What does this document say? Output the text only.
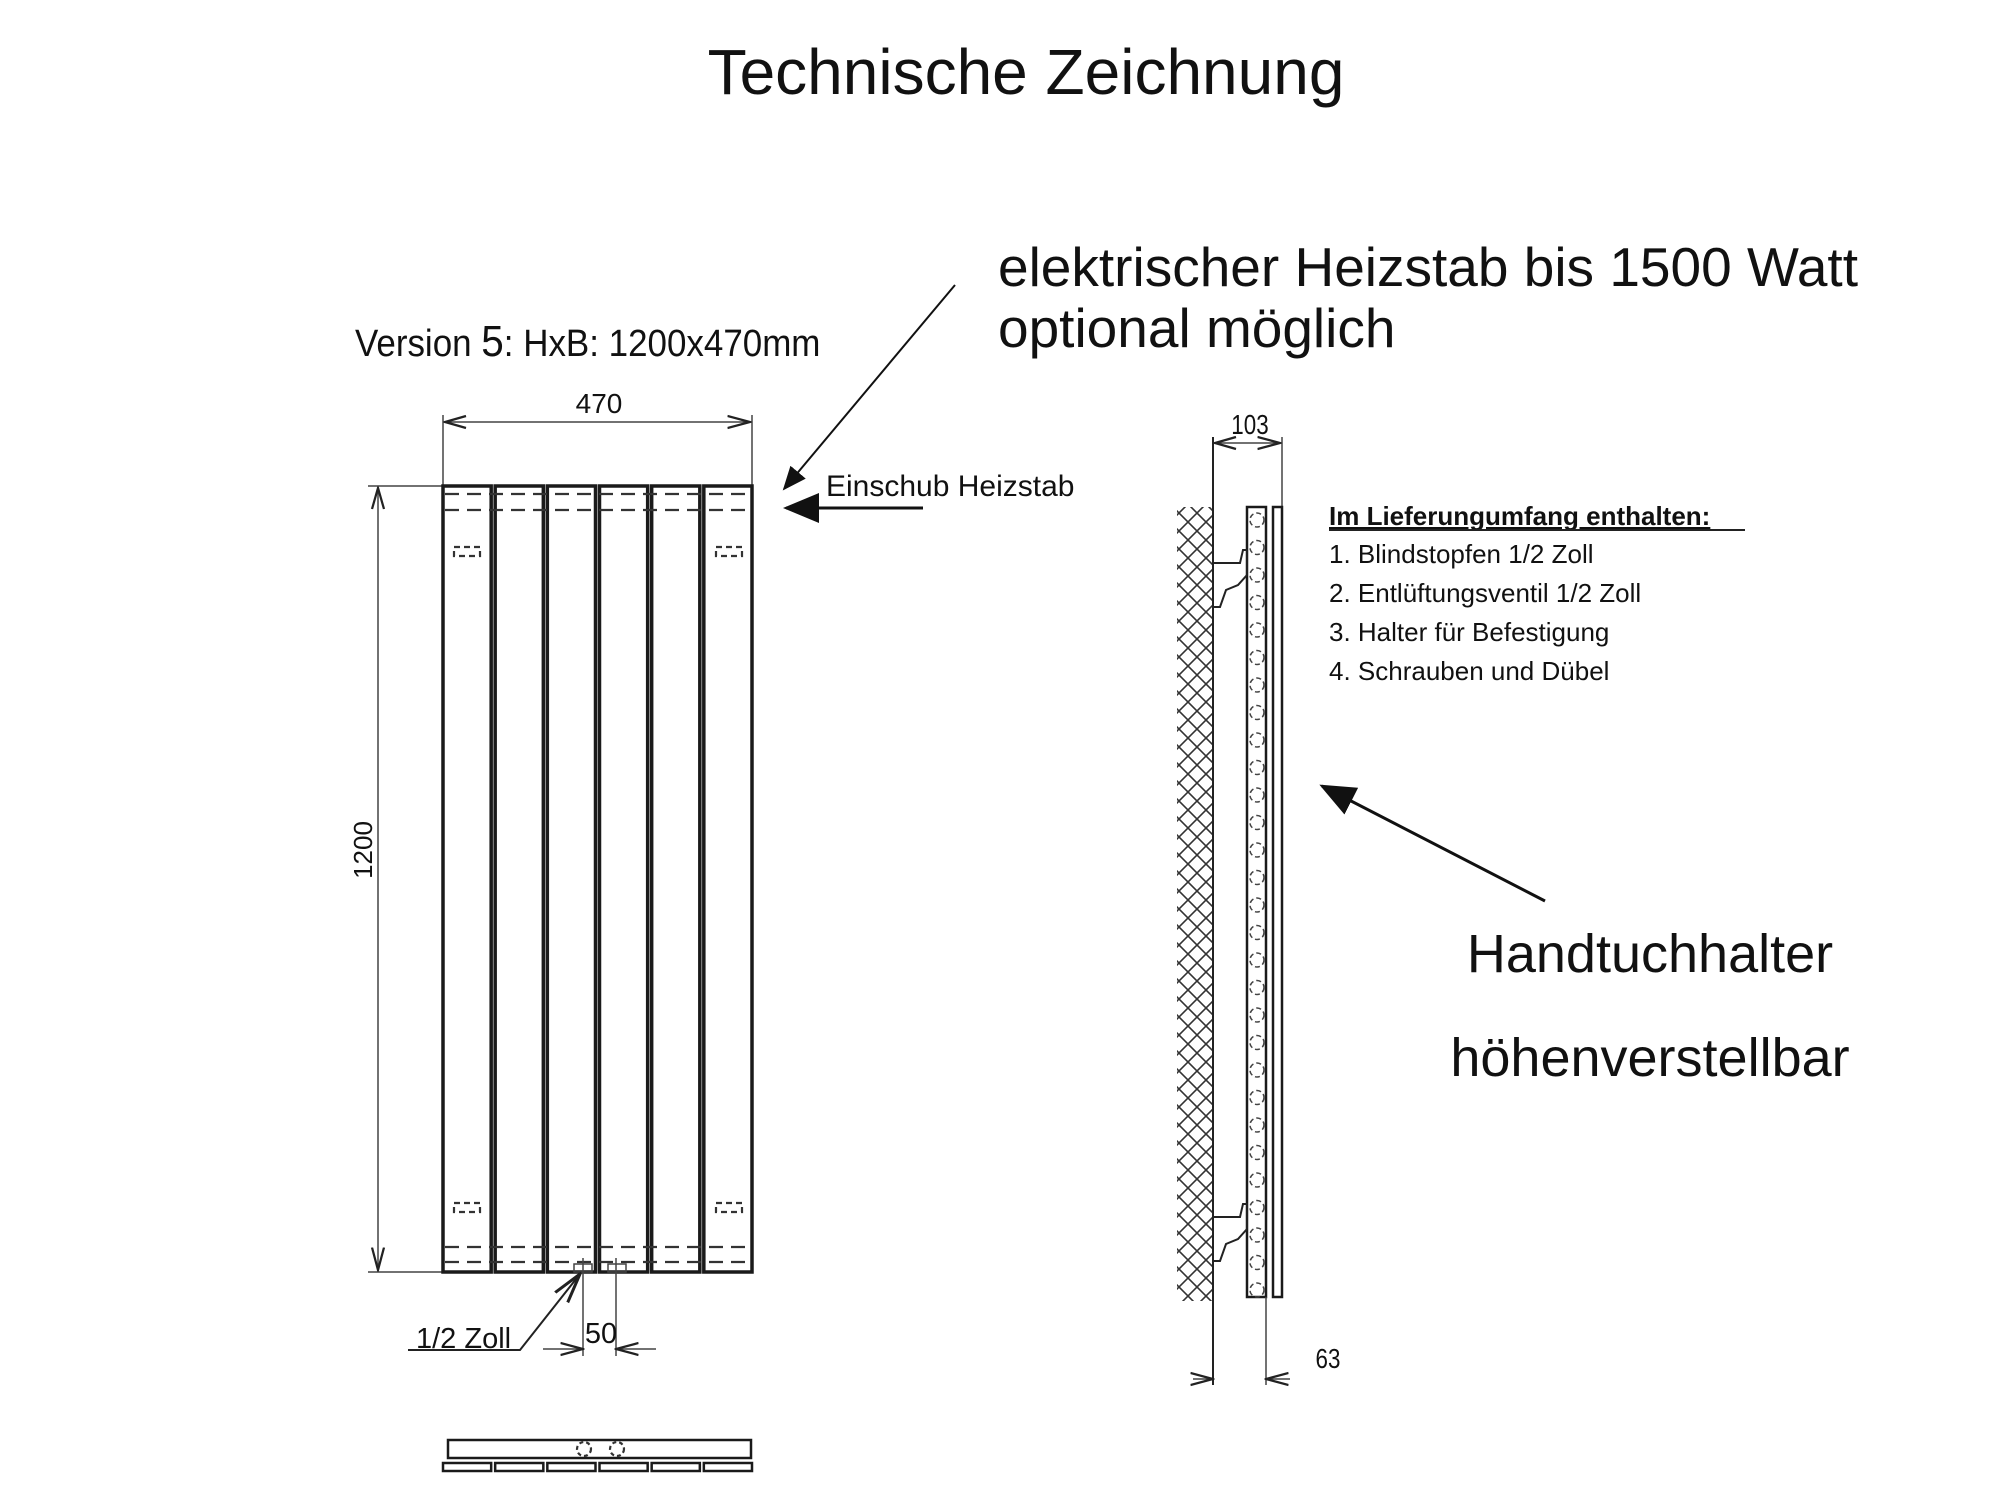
Technische Zeichnung
elektrischer Heizstab bis 1500 Watt
optional möglich
Version 5: HxB: 1200x470mm
470
1200
Einschub Heizstab
1/2 Zoll	50
103
63
Im Lieferungumfang enthalten:
1. Blindstopfen 1/2 Zoll
2. Entlüftungsventil 1/2 Zoll
3. Halter für Befestigung
4. Schrauben und Dübel
Handtuchhalter
höhenverstellbar
